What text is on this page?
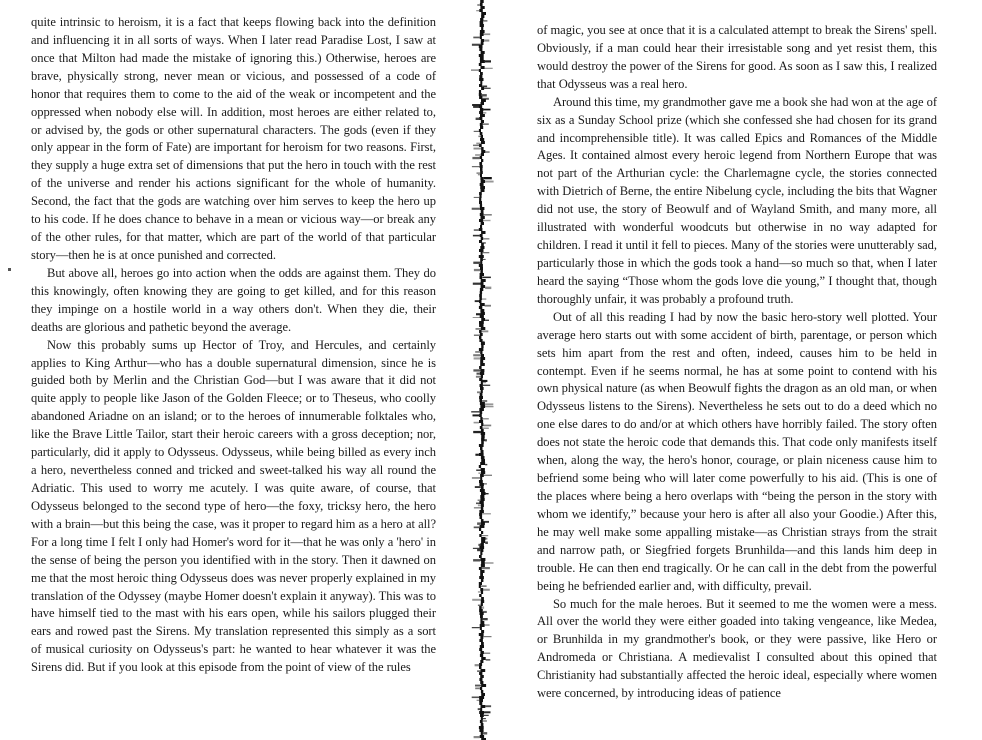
quite intrinsic to heroism, it is a fact that keeps flowing back into the definition and influencing it in all sorts of ways. When I later read Paradise Lost, I saw at once that Milton had made the mistake of ignoring this.) Otherwise, heroes are brave, physically strong, never mean or vicious, and possessed of a code of honor that requires them to come to the aid of the weak or incompetent and the oppressed when nobody else will. In addition, most heroes are either related to, or advised by, the gods or other supernatural characters. The gods (even if they only appear in the form of Fate) are important for heroism for two reasons. First, they supply a huge extra set of dimensions that put the hero in touch with the rest of the universe and render his actions significant for the whole of humanity. Second, the fact that the gods are watching over him serves to keep the hero up to his code. If he does chance to behave in a mean or vicious way—or break any of the other rules, for that matter, which are part of the world of that particular story—then he is at once punished and corrected.

But above all, heroes go into action when the odds are against them. They do this knowingly, often knowing they are going to get killed, and for this reason they impinge on a hostile world in a way others don't. When they die, their deaths are glorious and pathetic beyond the average.

Now this probably sums up Hector of Troy, and Hercules, and certainly applies to King Arthur—who has a double supernatural dimension, since he is guided both by Merlin and the Christian God—but I was aware that it did not quite apply to people like Jason of the Golden Fleece; or to Theseus, who coolly abandoned Ariadne on an island; or to the heroes of innumerable folktales who, like the Brave Little Tailor, start their heroic careers with a gross deception; nor, particularly, did it apply to Odysseus. Odysseus, while being billed as every inch a hero, nevertheless conned and tricked and sweet-talked his way all round the Adriatic. This used to worry me acutely. I was quite aware, of course, that Odysseus belonged to the second type of hero—the foxy, tricksy hero, the hero with a brain—but this being the case, was it proper to regard him as a hero at all? For a long time I felt I only had Homer's word for it—that he was only a 'hero' in the sense of being the person you identified with in the story. Then it dawned on me that the most heroic thing Odysseus does was never properly explained in my translation of the Odyssey (maybe Homer doesn't explain it anyway). This was to have himself tied to the mast with his ears open, while his sailors plugged their ears and rowed past the Sirens. My translation represented this simply as a sort of musical curiosity on Odysseus's part: he wanted to hear whatever it was the Sirens did. But if you look at this episode from the point of view of the rules

of magic, you see at once that it is a calculated attempt to break the Sirens' spell. Obviously, if a man could hear their irresistable song and yet resist them, this would destroy the power of the Sirens for good. As soon as I saw this, I realized that Odysseus was a real hero.

Around this time, my grandmother gave me a book she had won at the age of six as a Sunday School prize (which she confessed she had chosen for its grand and incomprehensible title). It was called Epics and Romances of the Middle Ages. It contained almost every heroic legend from Northern Europe that was not part of the Arthurian cycle: the Charlemagne cycle, the stories connected with Dietrich of Berne, the entire Nibelung cycle, including the bits that Wagner did not use, the story of Beowulf and of Wayland Smith, and many more, all illustrated with wonderful woodcuts but otherwise in no way adapted for children. I read it until it fell to pieces. Many of the stories were unutterably sad, particularly those in which the gods took a hand—so much so that, when I later heard the saying “Those whom the gods love die young,” I thought that, though thoroughly unfair, it was probably a profound truth.

Out of all this reading I had by now the basic hero-story well plotted. Your average hero starts out with some accident of birth, parentage, or person which sets him apart from the rest and often, indeed, causes him to be held in contempt. Even if he seems normal, he has at some point to contend with his own physical nature (as when Beowulf fights the dragon as an old man, or when Odysseus listens to the Sirens). Nevertheless he sets out to do a deed which no one else dares to do and/or at which others have horribly failed. The story often does not state the heroic code that demands this. That code only manifests itself when, along the way, the hero's honor, courage, or plain niceness cause him to befriend some being who will later come powerfully to his aid. (This is one of the places where being a hero overlaps with “being the person in the story with whom we identify,” because your hero is after all also your Goodie.) After this, he may well make some appalling mistake—as Christian strays from the strait and narrow path, or Siegfried forgets Brunhilda—and this lands him deep in trouble. He can then end tragically. Or he can call in the debt from the powerful being he befriended earlier and, with difficulty, prevail.

So much for the male heroes. But it seemed to me the women were a mess. All over the world they were either goaded into taking vengeance, like Medea, or Brunhilda in my grandmother's book, or they were passive, like Hero or Andromeda or Christiana. A medievalist I consulted about this opined that Christianity had substantially affected the heroic ideal, especially where women were concerned, by introducing ideas of patience
